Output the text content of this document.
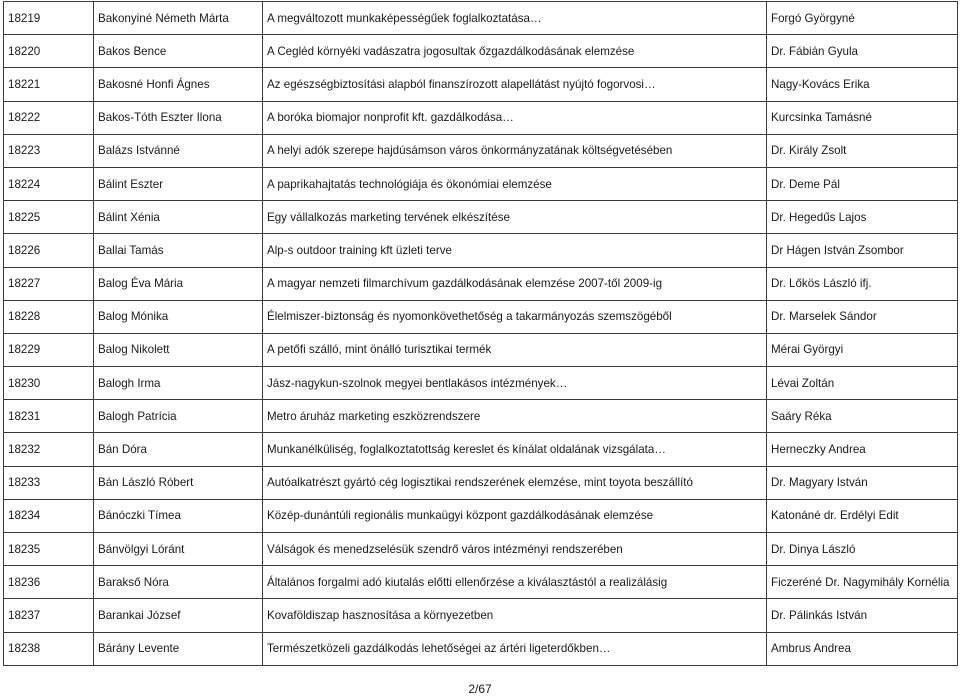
18219	Bakonyiné Németh Márta	A megváltozott munkaképességűek foglalkoztatása…	Forgó Györgyné
18220	Bakos Bence	A Cegléd környéki vadászatra jogosultak őzgazdálkodásának elemzése	Dr. Fábián Gyula
18221	Bakosné Honfi Ágnes	Az egészségbiztosítási alapból finanszírozott alapellátást nyújtó fogorvosi…	Nagy-Kovács Erika
18222	Bakos-Tóth Eszter Ilona	A boróka biomajor nonprofit kft. gazdálkodása…	Kurcsinka Tamásné
18223	Balázs Istvánné	A helyi adók szerepe hajdúsámson város önkormányzatának költségvetésében	Dr. Király Zsolt
18224	Bálint Eszter	A paprikahajtatás technológiája és ökonómiai elemzése	Dr. Deme Pál
18225	Bálint Xénia	Egy vállalkozás marketing tervének elkészítése	Dr. Hegedűs Lajos
18226	Ballai Tamás	Alp-s outdoor training kft üzleti terve	Dr Hágen István Zsombor
18227	Balog Éva Mária	A magyar nemzeti filmarchívum gazdálkodásának elemzése 2007-től 2009-ig	Dr. Lőkös László ifj.
18228	Balog Mónika	Élelmiszer-biztonság és nyomonkövethetőség a takarmányozás szemszögéből	Dr. Marselek Sándor
18229	Balog Nikolett	A petőfi szálló, mint önálló turisztikai termék	Mérai Györgyi
18230	Balogh Irma	Jász-nagykun-szolnok megyei bentlakásos intézmények…	Lévai Zoltán
18231	Balogh Patrícia	Metro áruház marketing eszközrendszere	Saáry Réka
18232	Bán Dóra	Munkanélküliség, foglalkoztatottság kereslet és kínálat oldalának vizsgálata…	Herneczky Andrea
18233	Bán László Róbert	Autóalkatrészt gyártó cég logisztikai rendszerének elemzése, mint toyota beszállító	Dr. Magyary István
18234	Bánóczki Tímea	Közép-dunántúli regionális munkaügyi központ gazdálkodásának elemzése	Katonáné dr. Erdélyi Edit
18235	Bánvölgyi Lóránt	Válságok és menedzselésük szendrő város intézményi rendszerében	Dr. Dinya László
18236	Barakső Nóra	Általános forgalmi adó kiutalás előtti ellenőrzése a kiválasztástól a realizálásig	Ficzeréné Dr. Nagymihály Kornélia
18237	Barankai József	Kovaföldiszap hasznosítása a környezetben	Dr. Pálinkás István
18238	Bárány Levente	Természetközeli gazdálkodás lehetőségei az ártéri ligeterdőkben…	Ambrus Andrea
2/67
